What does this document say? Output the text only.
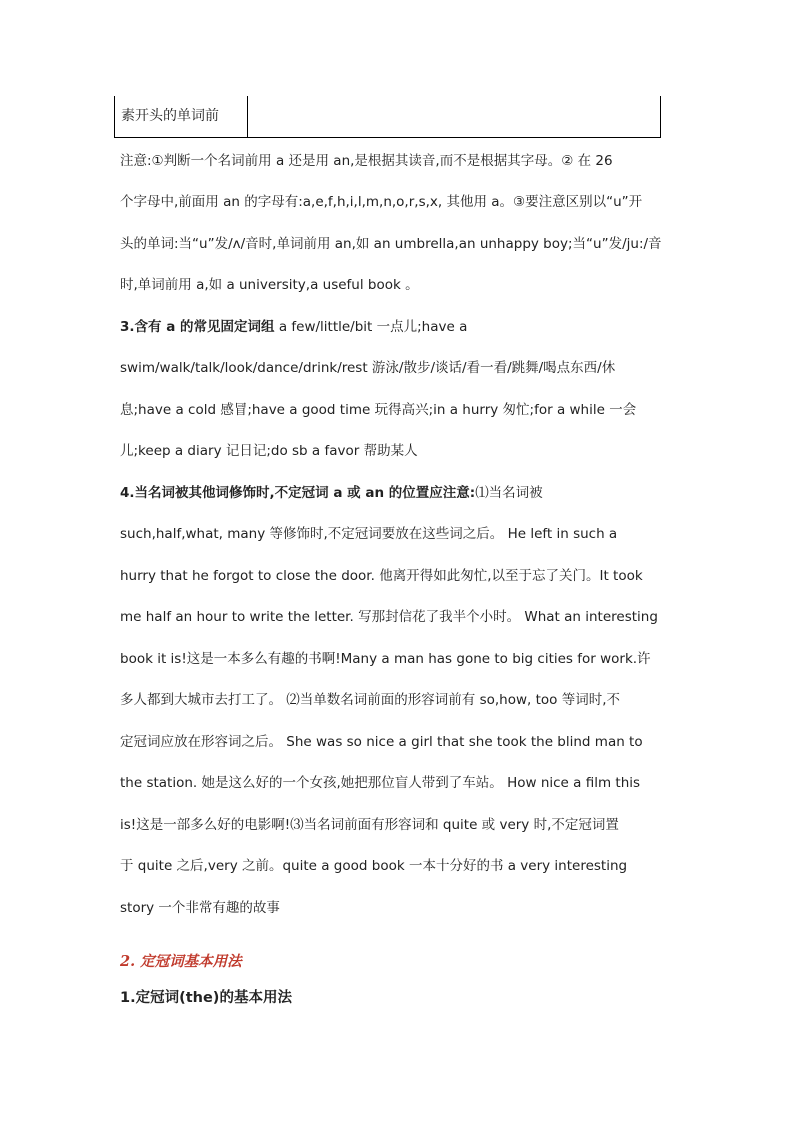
素开头的单词前
注意:①判断一个名词前用 a 还是用 an,是根据其读音,而不是根据其字母。② 在 26
个字母中,前面用 an 的字母有:a,e,f,h,i,l,m,n,o,r,s,x, 其他用 a。③要注意区别以“u”开
头的单词:当“u”发/ʌ/音时,单词前用 an,如 an umbrella,an unhappy boy;当“u”发/ju:/音
时,单词前用 a,如 a university,a useful book 。
3.含有 a 的常见固定词组 a few/little/bit 一点儿;have a
swim/walk/talk/look/dance/drink/rest 游泳/散步/谈话/看一看/跳舞/喝点东西/休
息;have a cold 感冒;have a good time 玩得高兴;in a hurry 匆忙;for a while 一会
儿;keep a diary 记日记;do sb a favor 帮助某人
4.当名词被其他词修饰时,不定冠词 a 或 an 的位置应注意:⑴当名词被
such,half,what, many 等修饰时,不定冠词要放在这些词之后。 He left in such a
hurry that he forgot to close the door. 他离开得如此匆忙,以至于忘了关门。It took
me half an hour to write the letter. 写那封信花了我半个小时。 What an interesting
book it is!这是一本多么有趣的书啊!Many a man has gone to big cities for work.许
多人都到大城市去打工了。 ⑵当单数名词前面的形容词前有 so,how, too 等词时,不
定冠词应放在形容词之后。 She was so nice a girl that she took the blind man to
the station. 她是这么好的一个女孩,她把那位盲人带到了车站。 How nice a film this
is!这是一部多么好的电影啊!⑶当名词前面有形容词和 quite 或 very 时,不定冠词置
于 quite 之后,very 之前。quite a good book 一本十分好的书 a very interesting
story 一个非常有趣的故事
2. 定冠词基本用法
1.定冠词(the)的基本用法
